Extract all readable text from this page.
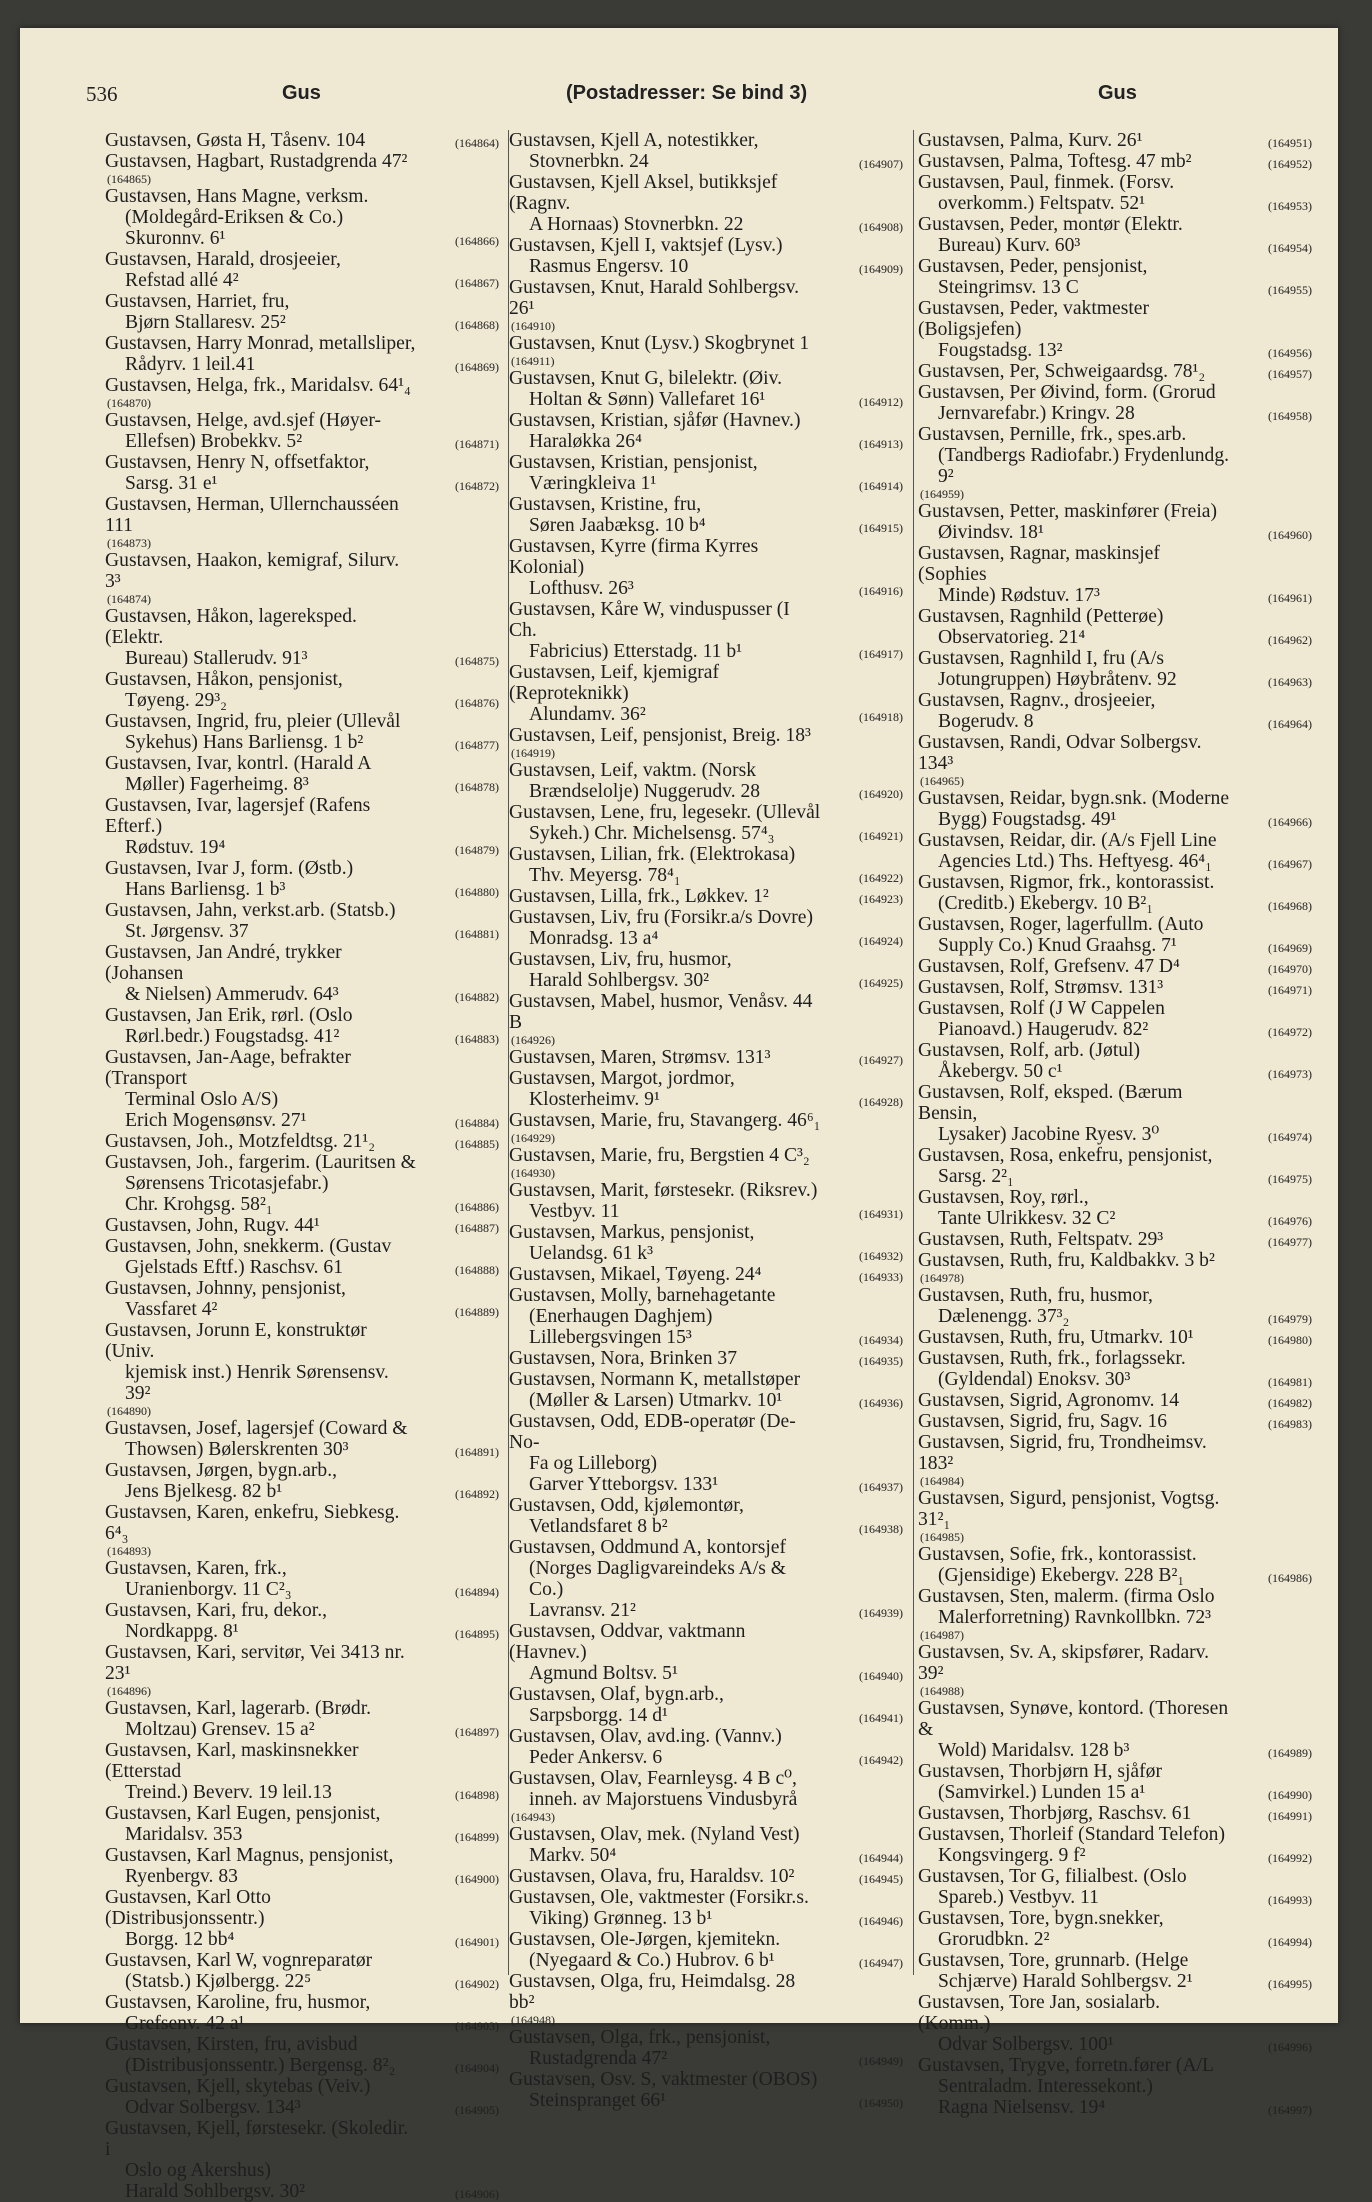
536	Gus	(Postadresser: Se bind 3)	Gus
Gustavsen, Gøsta H, Tåsenv. 104	(164864)
Gustavsen, Hagbart, Rustadgrenda 47²
(164865)
Gustavsen, Hans Magne, verksm.
(Moldegård-Eriksen & Co.)
Skuronnv. 6¹	(164866)
Gustavsen, Harald, drosjeeier,
Refstad allé 4²	(164867)
Gustavsen, Harriet, fru,
Bjørn Stallaresv. 25²	(164868)
Gustavsen, Harry Monrad, metallsliper,
Rådyrv. 1 leil.41	(164869)
Gustavsen, Helga, frk., Maridalsv. 64¹₄
(164870)
Gustavsen, Helge, avd.sjef (Høyer-
Ellefsen) Brobekkv. 5²	(164871)
Gustavsen, Henry N, offsetfaktor,
Sarsg. 31 e¹	(164872)
Gustavsen, Herman, Ullernchausséen 111
(164873)
Gustavsen, Haakon, kemigraf, Silurv. 3³
(164874)
Gustavsen, Håkon, lagereksped. (Elektr.
Bureau) Stallerudv. 91³	(164875)
Gustavsen, Håkon, pensjonist,
Tøyeng. 29³₂	(164876)
Gustavsen, Ingrid, fru, pleier (Ullevål
Sykehus) Hans Barliensg. 1 b²	(164877)
Gustavsen, Ivar, kontrl. (Harald A
Møller) Fagerheimg. 8³	(164878)
Gustavsen, Ivar, lagersjef (Rafens Efterf.)
Rødstuv. 19⁴	(164879)
Gustavsen, Ivar J, form. (Østb.)
Hans Barliensg. 1 b³	(164880)
Gustavsen, Jahn, verkst.arb. (Statsb.)
St. Jørgensv. 37	(164881)
Gustavsen, Jan André, trykker (Johansen
& Nielsen) Ammerudv. 64³	(164882)
Gustavsen, Jan Erik, rørl. (Oslo
Rørl.bedr.) Fougstadsg. 41²	(164883)
Gustavsen, Jan-Aage, befrakter (Transport
Terminal Oslo A/S)
Erich Mogensønsv. 27¹	(164884)
Gustavsen, Joh., Motzfeldtsg. 21¹₂	(164885)
Gustavsen, Joh., fargerim. (Lauritsen &
Sørensens Tricotasjefabr.)
Chr. Krohgsg. 58²₁	(164886)
Gustavsen, John, Rugv. 44¹	(164887)
Gustavsen, John, snekkerm. (Gustav
Gjelstads Eftf.) Raschsv. 61	(164888)
Gustavsen, Johnny, pensjonist,
Vassfaret 4²	(164889)
Gustavsen, Jorunn E, konstruktør (Univ.
kjemisk inst.) Henrik Sørensensv. 39²
(164890)
Gustavsen, Josef, lagersjef (Coward &
Thowsen) Bølerskrenten 30³	(164891)
Gustavsen, Jørgen, bygn.arb.,
Jens Bjelkesg. 82 b¹	(164892)
Gustavsen, Karen, enkefru, Siebkesg. 6⁴₃
(164893)
Gustavsen, Karen, frk.,
Uranienborgv. 11 C²₃	(164894)
Gustavsen, Kari, fru, dekor.,
Nordkappg. 8¹	(164895)
Gustavsen, Kari, servitør, Vei 3413 nr. 23¹
(164896)
Gustavsen, Karl, lagerarb. (Brødr.
Moltzau) Grensev. 15 a²	(164897)
Gustavsen, Karl, maskinsnekker (Etterstad
Treind.) Beverv. 19 leil.13	(164898)
Gustavsen, Karl Eugen, pensjonist,
Maridalsv. 353	(164899)
Gustavsen, Karl Magnus, pensjonist,
Ryenbergv. 83	(164900)
Gustavsen, Karl Otto (Distribusjonssentr.)
Borgg. 12 bb⁴	(164901)
Gustavsen, Karl W, vognreparatør
(Statsb.) Kjølbergg. 22⁵	(164902)
Gustavsen, Karoline, fru, husmor,
Grefsenv. 42 a¹	(164903)
Gustavsen, Kirsten, fru, avisbud
(Distribusjonssentr.) Bergensg. 8²₂	(164904)
Gustavsen, Kjell, skytebas (Veiv.)
Odvar Solbergsv. 134³	(164905)
Gustavsen, Kjell, førstesekr. (Skoledir. i
Oslo og Akershus)
Harald Sohlbergsv. 30²	(164906)
Gustavsen, Kjell A, notestikker,
Stovnerbkn. 24	(164907)
Gustavsen, Kjell Aksel, butikksjef (Ragnv.
A Hornaas) Stovnerbkn. 22	(164908)
Gustavsen, Kjell I, vaktsjef (Lysv.)
Rasmus Engersv. 10	(164909)
Gustavsen, Knut, Harald Sohlbergsv. 26¹
(164910)
Gustavsen, Knut (Lysv.) Skogbrynet 1
(164911)
Gustavsen, Knut G, bilelektr. (Øiv.
Holtan & Sønn) Vallefaret 16¹	(164912)
Gustavsen, Kristian, sjåfør (Havnev.)
Haraløkka 26⁴	(164913)
Gustavsen, Kristian, pensjonist,
Væringkleiva 1¹	(164914)
Gustavsen, Kristine, fru,
Søren Jaabæksg. 10 b⁴	(164915)
Gustavsen, Kyrre (firma Kyrres Kolonial)
Lofthusv. 26³	(164916)
Gustavsen, Kåre W, vinduspusser (I Ch.
Fabricius) Etterstadg. 11 b¹	(164917)
Gustavsen, Leif, kjemigraf (Reproteknikk)
Alundamv. 36²	(164918)
Gustavsen, Leif, pensjonist, Breig. 18³
(164919)
Gustavsen, Leif, vaktm. (Norsk
Brændselolje) Nuggerudv. 28	(164920)
Gustavsen, Lene, fru, legesekr. (Ullevål
Sykeh.) Chr. Michelsensg. 57⁴₃	(164921)
Gustavsen, Lilian, frk. (Elektrokasa)
Thv. Meyersg. 78⁴₁	(164922)
Gustavsen, Lilla, frk., Løkkev. 1²	(164923)
Gustavsen, Liv, fru (Forsikr.a/s Dovre)
Monradsg. 13 a⁴	(164924)
Gustavsen, Liv, fru, husmor,
Harald Sohlbergsv. 30²	(164925)
Gustavsen, Mabel, husmor, Venåsv. 44 B
(164926)
Gustavsen, Maren, Strømsv. 131³	(164927)
Gustavsen, Margot, jordmor,
Klosterheimv. 9¹	(164928)
Gustavsen, Marie, fru, Stavangerg. 46⁶₁
(164929)
Gustavsen, Marie, fru, Bergstien 4 C³₂
(164930)
Gustavsen, Marit, førstesekr. (Riksrev.)
Vestbyv. 11	(164931)
Gustavsen, Markus, pensjonist,
Uelandsg. 61 k³	(164932)
Gustavsen, Mikael, Tøyeng. 24⁴	(164933)
Gustavsen, Molly, barnehagetante
(Enerhaugen Daghjem)
Lillebergsvingen 15³	(164934)
Gustavsen, Nora, Brinken 37	(164935)
Gustavsen, Normann K, metallstøper
(Møller & Larsen) Utmarkv. 10¹	(164936)
Gustavsen, Odd, EDB-operatør (De-No-
Fa og Lilleborg)
Garver Ytteborgsv. 133¹	(164937)
Gustavsen, Odd, kjølemontør,
Vetlandsfaret 8 b²	(164938)
Gustavsen, Oddmund A, kontorsjef
(Norges Dagligvareindeks A/s & Co.)
Lavransv. 21²	(164939)
Gustavsen, Oddvar, vaktmann (Havnev.)
Agmund Boltsv. 5¹	(164940)
Gustavsen, Olaf, bygn.arb.,
Sarpsborgg. 14 d¹	(164941)
Gustavsen, Olav, avd.ing. (Vannv.)
Peder Ankersv. 6	(164942)
Gustavsen, Olav, Fearnleysg. 4 B c⁰,
inneh. av Majorstuens Vindusbyrå
(164943)
Gustavsen, Olav, mek. (Nyland Vest)
Markv. 50⁴	(164944)
Gustavsen, Olava, fru, Haraldsv. 10²	(164945)
Gustavsen, Ole, vaktmester (Forsikr.s.
Viking) Grønneg. 13 b¹	(164946)
Gustavsen, Ole-Jørgen, kjemitekn.
(Nyegaard & Co.) Hubrov. 6 b¹	(164947)
Gustavsen, Olga, fru, Heimdalsg. 28 bb²
(164948)
Gustavsen, Olga, frk., pensjonist,
Rustadgrenda 47²	(164949)
Gustavsen, Osv. S, vaktmester (OBOS)
Steinspranget 66¹	(164950)
Gustavsen, Palma, Kurv. 26¹	(164951)
Gustavsen, Palma, Toftesg. 47 mb²	(164952)
Gustavsen, Paul, finmek. (Forsv.
overkomm.) Feltspatv. 52¹	(164953)
Gustavsen, Peder, montør (Elektr.
Bureau) Kurv. 60³	(164954)
Gustavsen, Peder, pensjonist,
Steingrimsv. 13 C	(164955)
Gustavsen, Peder, vaktmester (Boligsjefen)
Fougstadsg. 13²	(164956)
Gustavsen, Per, Schweigaardsg. 78¹₂	(164957)
Gustavsen, Per Øivind, form. (Grorud
Jernvarefabr.) Kringv. 28	(164958)
Gustavsen, Pernille, frk., spes.arb.
(Tandbergs Radiofabr.) Frydenlundg. 9²
(164959)
Gustavsen, Petter, maskinfører (Freia)
Øivindsv. 18¹	(164960)
Gustavsen, Ragnar, maskinsjef (Sophies
Minde) Rødstuv. 17³	(164961)
Gustavsen, Ragnhild (Petterøe)
Observatorieg. 21⁴	(164962)
Gustavsen, Ragnhild I, fru (A/s
Jotungruppen) Høybråtenv. 92	(164963)
Gustavsen, Ragnv., drosjeeier,
Bogerudv. 8	(164964)
Gustavsen, Randi, Odvar Solbergsv. 134³
(164965)
Gustavsen, Reidar, bygn.snk. (Moderne
Bygg) Fougstadsg. 49¹	(164966)
Gustavsen, Reidar, dir. (A/s Fjell Line
Agencies Ltd.) Ths. Heftyesg. 46⁴₁	(164967)
Gustavsen, Rigmor, frk., kontorassist.
(Creditb.) Ekebergv. 10 B²₁	(164968)
Gustavsen, Roger, lagerfullm. (Auto
Supply Co.) Knud Graahsg. 7¹	(164969)
Gustavsen, Rolf, Grefsenv. 47 D⁴	(164970)
Gustavsen, Rolf, Strømsv. 131³	(164971)
Gustavsen, Rolf (J W Cappelen
Pianoavd.) Haugerudv. 82²	(164972)
Gustavsen, Rolf, arb. (Jøtul)
Åkebergv. 50 c¹	(164973)
Gustavsen, Rolf, eksped. (Bærum Bensin,
Lysaker) Jacobine Ryesv. 3⁰	(164974)
Gustavsen, Rosa, enkefru, pensjonist,
Sarsg. 2²₁	(164975)
Gustavsen, Roy, rørl.,
Tante Ulrikkesv. 32 C²	(164976)
Gustavsen, Ruth, Feltspatv. 29³	(164977)
Gustavsen, Ruth, fru, Kaldbakkv. 3 b²
(164978)
Gustavsen, Ruth, fru, husmor,
Dælenengg. 37³₂	(164979)
Gustavsen, Ruth, fru, Utmarkv. 10¹	(164980)
Gustavsen, Ruth, frk., forlagssekr.
(Gyldendal) Enoksv. 30³	(164981)
Gustavsen, Sigrid, Agronomv. 14	(164982)
Gustavsen, Sigrid, fru, Sagv. 16	(164983)
Gustavsen, Sigrid, fru, Trondheimsv. 183²
(164984)
Gustavsen, Sigurd, pensjonist, Vogtsg. 31²₁
(164985)
Gustavsen, Sofie, frk., kontorassist.
(Gjensidige) Ekebergv. 228 B²₁	(164986)
Gustavsen, Sten, malerm. (firma Oslo
Malerforretning) Ravnkollbkn. 72³
(164987)
Gustavsen, Sv. A, skipsfører, Radarv. 39²
(164988)
Gustavsen, Synøve, kontord. (Thoresen &
Wold) Maridalsv. 128 b³	(164989)
Gustavsen, Thorbjørn H, sjåfør
(Samvirkel.) Lunden 15 a¹	(164990)
Gustavsen, Thorbjørg, Raschsv. 61	(164991)
Gustavsen, Thorleif (Standard Telefon)
Kongsvingerg. 9 f²	(164992)
Gustavsen, Tor G, filialbest. (Oslo
Spareb.) Vestbyv. 11	(164993)
Gustavsen, Tore, bygn.snekker,
Grorudbkn. 2²	(164994)
Gustavsen, Tore, grunnarb. (Helge
Schjærve) Harald Sohlbergsv. 2¹	(164995)
Gustavsen, Tore Jan, sosialarb. (Komm.)
Odvar Solbergsv. 100¹	(164996)
Gustavsen, Trygve, forretn.fører (A/L
Sentraladm. Interessekont.)
Ragna Nielsensv. 19⁴	(164997)
